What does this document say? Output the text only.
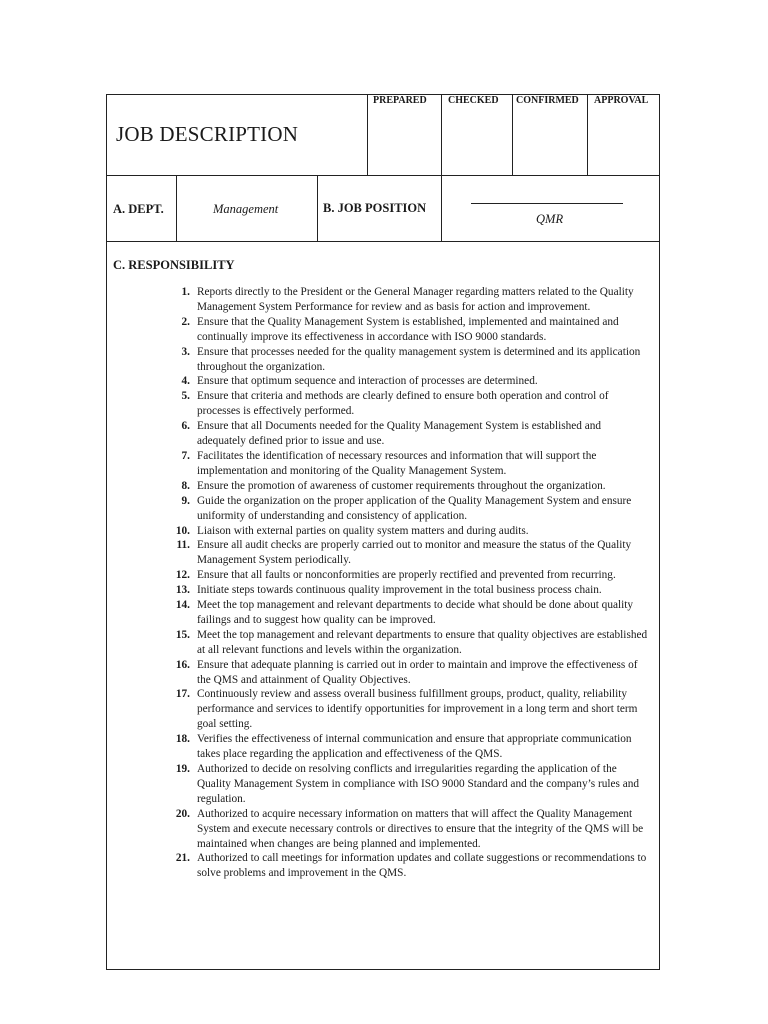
JOB DESCRIPTION
PREPARED CHECKED CONFIRMED APPROVAL
A. DEPT.	Management	B. JOB POSITION
QMR
C. RESPONSIBILITY
1. Reports directly to the President or the General Manager regarding matters related to the Quality Management System Performance for review and as basis for action and improvement.
2. Ensure that the Quality Management System is established, implemented and maintained and continually improve its effectiveness in accordance with ISO 9000 standards.
3. Ensure that processes needed for the quality management system is determined and its application throughout the organization.
4. Ensure that optimum sequence and interaction of processes are determined.
5. Ensure that criteria and methods are clearly defined to ensure both operation and control of processes is effectively performed.
6. Ensure that all Documents needed for the Quality Management System is established and adequately defined prior to issue and use.
7. Facilitates the identification of necessary resources and information that will support the implementation and monitoring of the Quality Management System.
8. Ensure the promotion of awareness of customer requirements throughout the organization.
9. Guide the organization on the proper application of the Quality Management System and ensure uniformity of understanding and consistency of application.
10. Liaison with external parties on quality system matters and during audits.
11. Ensure all audit checks are properly carried out to monitor and measure the status of the Quality Management System periodically.
12. Ensure that all faults or nonconformities are properly rectified and prevented from recurring.
13. Initiate steps towards continuous quality improvement in the total business process chain.
14. Meet the top management and relevant departments to decide what should be done about quality failings and to suggest how quality can be improved.
15. Meet the top management and relevant departments to ensure that quality objectives are established at all relevant functions and levels within the organization.
16. Ensure that adequate planning is carried out in order to maintain and improve the effectiveness of the QMS and attainment of Quality Objectives.
17. Continuously review and assess overall business fulfillment groups, product, quality, reliability performance and services to identify opportunities for improvement in a long term and short term goal setting.
18. Verifies the effectiveness of internal communication and ensure that appropriate communication takes place regarding the application and effectiveness of the QMS.
19. Authorized to decide on resolving conflicts and irregularities regarding the application of the Quality Management System in compliance with ISO 9000 Standard and the company’s rules and regulation.
20. Authorized to acquire necessary information on matters that will affect the Quality Management System and execute necessary controls or directives to ensure that the integrity of the QMS will be maintained when changes are being planned and implemented.
21. Authorized to call meetings for information updates and collate suggestions or recommendations to solve problems and improvement in the QMS.
